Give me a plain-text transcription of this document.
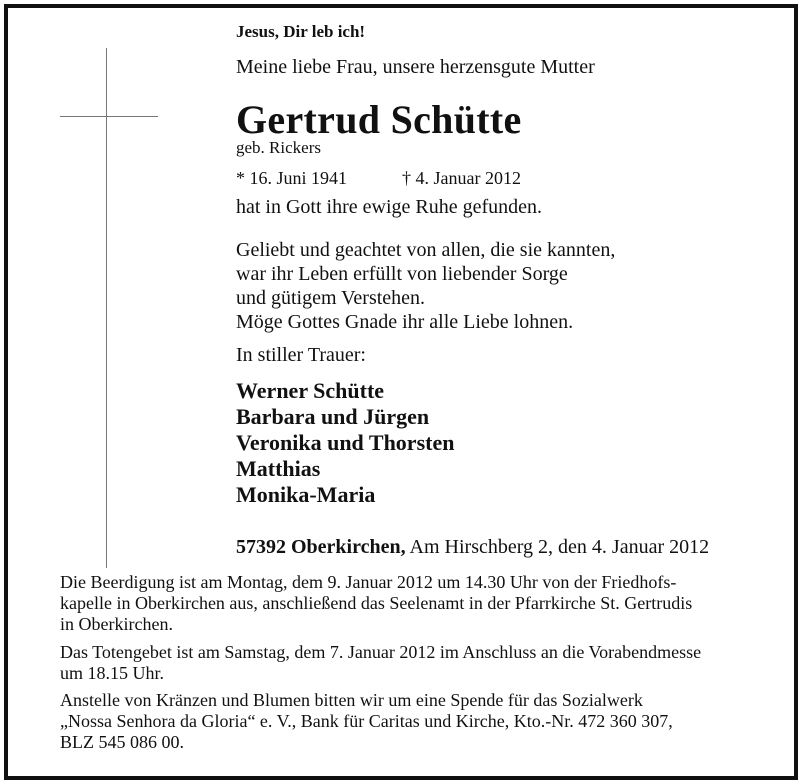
Jesus, Dir leb ich!
Meine liebe Frau, unsere herzensgute Mutter
Gertrud Schütte
geb. Rickers
* 16. Juni 1941	† 4. Januar 2012
hat in Gott ihre ewige Ruhe gefunden.
Geliebt und geachtet von allen, die sie kannten,
war ihr Leben erfüllt von liebender Sorge
und gütigem Verstehen.
Möge Gottes Gnade ihr alle Liebe lohnen.
In stiller Trauer:
Werner Schütte
Barbara und Jürgen
Veronika und Thorsten
Matthias
Monika-Maria
57392 Oberkirchen, Am Hirschberg 2, den 4. Januar 2012
Die Beerdigung ist am Montag, dem 9. Januar 2012 um 14.30 Uhr von der Friedhofs-
kapelle in Oberkirchen aus, anschließend das Seelenamt in der Pfarrkirche St. Gertrudis
in Oberkirchen.
Das Totengebet ist am Samstag, dem 7. Januar 2012 im Anschluss an die Vorabendmesse
um 18.15 Uhr.
Anstelle von Kränzen und Blumen bitten wir um eine Spende für das Sozialwerk
„Nossa Senhora da Gloria“ e. V., Bank für Caritas und Kirche, Kto.-Nr. 472 360 307,
BLZ 545 086 00.
